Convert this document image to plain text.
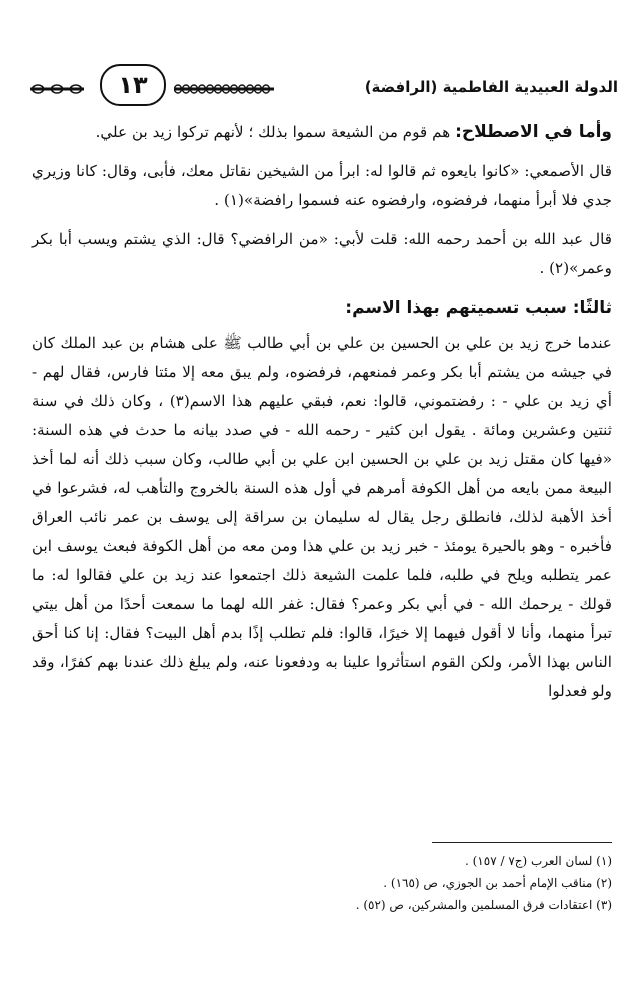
الدولة العبيدية الفاطمية (الرافضة)
١٣

وأما في الاصطلاح: هم قوم من الشيعة سموا بذلك ؛ لأنهم تركوا زيد بن علي.

قال الأصمعي: «كانوا بايعوه ثم قالوا له: ابرأ من الشيخين نقاتل معك، فأبى، وقال: كانا وزيري جدي فلا أبرأ منهما، فرفضوه، وارفضوه عنه فسموا رافضة»(١) .

قال عبد الله بن أحمد رحمه الله: قلت لأبي: «من الرافضي؟ قال: الذي يشتم ويسب أبا بكر وعمر»(٢) .

ثالثًا: سبب تسميتهم بهذا الاسم:

عندما خرج زيد بن علي بن الحسين بن علي بن أبي طالب ﷺ على هشام بن عبد الملك كان في جيشه من يشتم أبا بكر وعمر فمنعهم، فرفضوه، ولم يبق معه إلا مئتا فارس، فقال لهم - أي زيد بن علي - : رفضتموني، قالوا: نعم، فبقي عليهم هذا الاسم(٣) ، وكان ذلك في سنة ثنتين وعشرين ومائة . يقول ابن كثير - رحمه الله - في صدد بيانه ما حدث في هذه السنة: «فيها كان مقتل زيد بن علي بن الحسين ابن علي بن أبي طالب، وكان سبب ذلك أنه لما أخذ البيعة ممن بايعه من أهل الكوفة أمرهم في أول هذه السنة بالخروج والتأهب له، فشرعوا في أخذ الأهبة لذلك، فانطلق رجل يقال له سليمان بن سراقة إلى يوسف بن عمر نائب العراق فأخبره - وهو بالحيرة يومئذ - خبر زيد بن علي هذا ومن معه من أهل الكوفة فبعث يوسف ابن عمر يتطلبه ويلح في طلبه، فلما علمت الشيعة ذلك اجتمعوا عند زيد بن علي فقالوا له: ما قولك - يرحمك الله - في أبي بكر وعمر؟ فقال: غفر الله لهما ما سمعت أحدًا من أهل بيتي تبرأ منهما، وأنا لا أقول فيهما إلا خيرًا، قالوا: فلم تطلب إذًا بدم أهل البيت؟ فقال: إنا كنا أحق الناس بهذا الأمر، ولكن القوم استأثروا علينا به ودفعونا عنه، ولم يبلغ ذلك عندنا بهم كفرًا، وقد ولو فعدلوا

(١) لسان العرب (ج٧ / ١٥٧) .
(٢) مناقب الإمام أحمد بن الجوزي، ص (١٦٥) .
(٣) اعتقادات فرق المسلمين والمشركين، ص (٥٢) .
